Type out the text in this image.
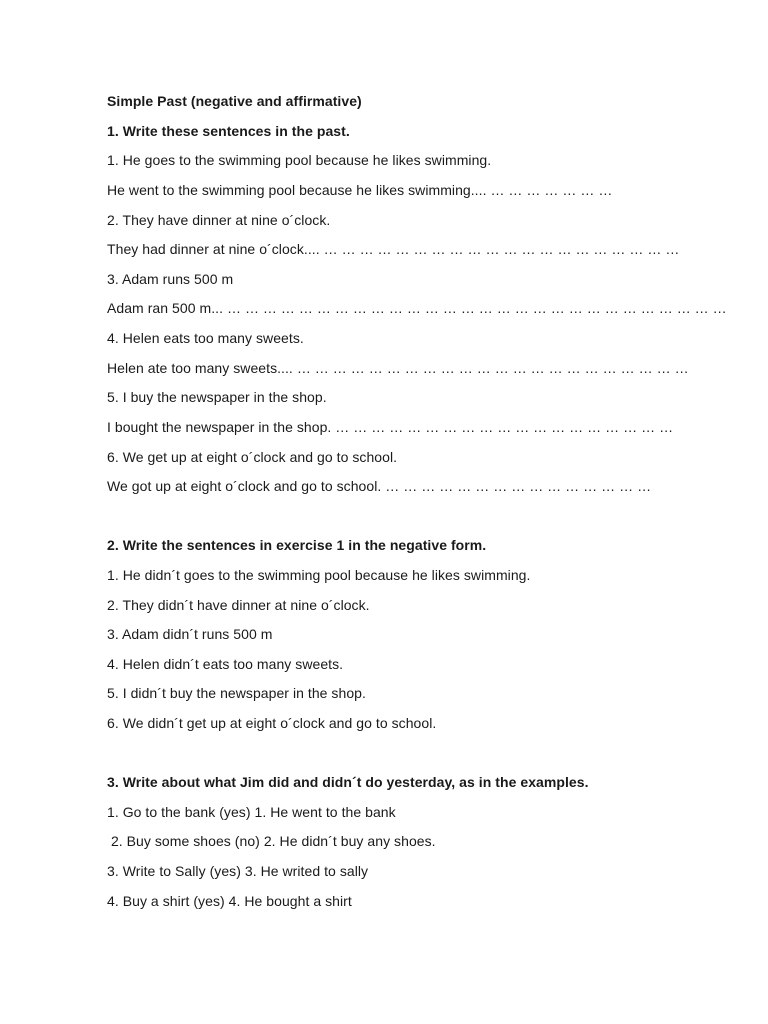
Simple Past (negative and affirmative)
1. Write these sentences in the past.
1. He goes to the swimming pool because he likes swimming.
He went to the swimming pool because he likes swimming.... … … … … … … …
2. They have dinner at nine o´clock.
They had dinner at nine o´clock.... … … … … … … … … … … … … … … … … … … … …
3. Adam runs 500 m
Adam ran 500 m... … … … … … … … … … … … … … … … … … … … … … … … … … … … …
4. Helen eats too many sweets.
Helen ate too many sweets.... … … … … … … … … … … … … … … … … … … … … … …
5. I buy the newspaper in the shop.
I bought the newspaper in the shop. … … … … … … … … … … … … … … … … … … …
6. We get up at eight o´clock and go to school.
We got up at eight o´clock and go to school. … … … … … … … … … … … … … … …
2. Write the sentences in exercise 1 in the negative form.
1. He didn´t goes to the swimming pool because he likes swimming.
2. They didn´t have dinner at nine o´clock.
3. Adam didn´t runs 500 m
4. Helen didn´t eats too many sweets.
5. I didn´t buy the newspaper in the shop.
6. We didn´t get up at eight o´clock and go to school.
3. Write about what Jim did and didn´t do yesterday, as in the examples.
1. Go to the bank (yes) 1. He went to the bank
2. Buy some shoes (no) 2. He didn´t buy any shoes.
3. Write to Sally (yes) 3. He writed to sally
4. Buy a shirt (yes) 4. He bought a shirt
